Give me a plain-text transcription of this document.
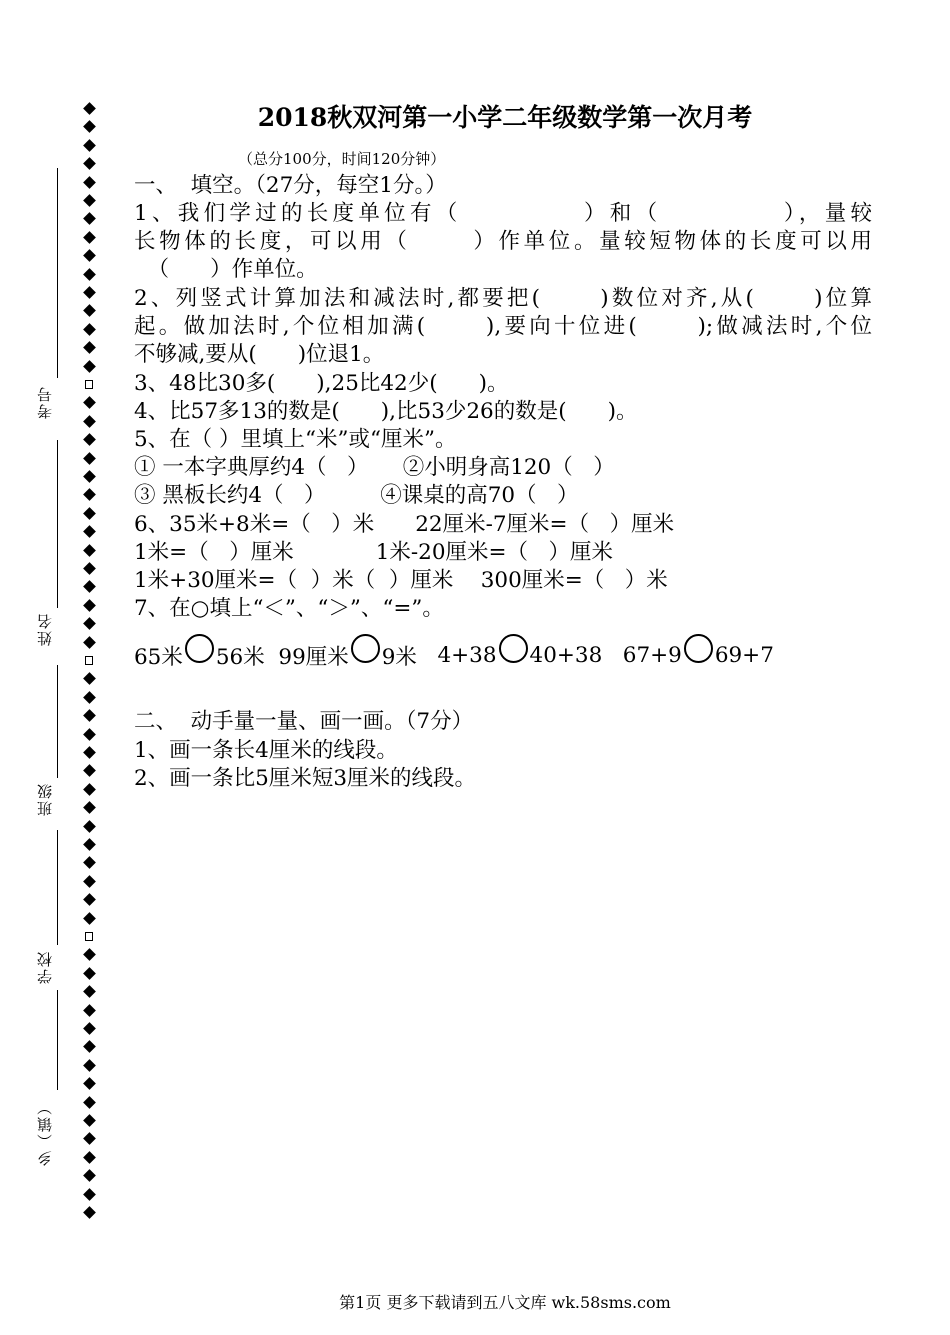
考号
姓名
班级
学校
乡（镇）
2018秋双河第一小学二年级数学第一次月考
（总分100分，时间120分钟）
一、  填空。（27分，每空1分。）
1、我们学过的长度单位有（           ）和（           ），量较
长物体的长度，可以用（      ）作单位。量较短物体的长度可以用
（      ）作单位。
2、列竖式计算加法和减法时,都要把(      )数位对齐,从(      )位算
起。做加法时,个位相加满(      ),要向十位进(      );做减法时,个位
不够减,要从(      )位退1。
3、48比30多(      ),25比42少(      )。
4、比57多13的数是(      ),比53少26的数是(      )。
5、在（ ）里填上“米”或“厘米”。
① 一本字典厚约4（   ）     ②小明身高120（   ）
③ 黑板长约4（   ）        ④课桌的高70（   ）
6、35米+8米=（   ）米      22厘米-7厘米=（   ）厘米
1米=（   ）厘米            1米-20厘米=（   ）厘米
1米+30厘米=（  ）米（  ）厘米    300厘米=（   ）米
7、在○填上“＜”、“＞”、“=”。
65米 56米
99厘米 9米
4+38 40+38
67+9 69+7
二、  动手量一量、画一画。（7分）
1、画一条长4厘米的线段。
2、画一条比5厘米短3厘米的线段。
第1页 更多下载请到五八文库 wk.58sms.com
